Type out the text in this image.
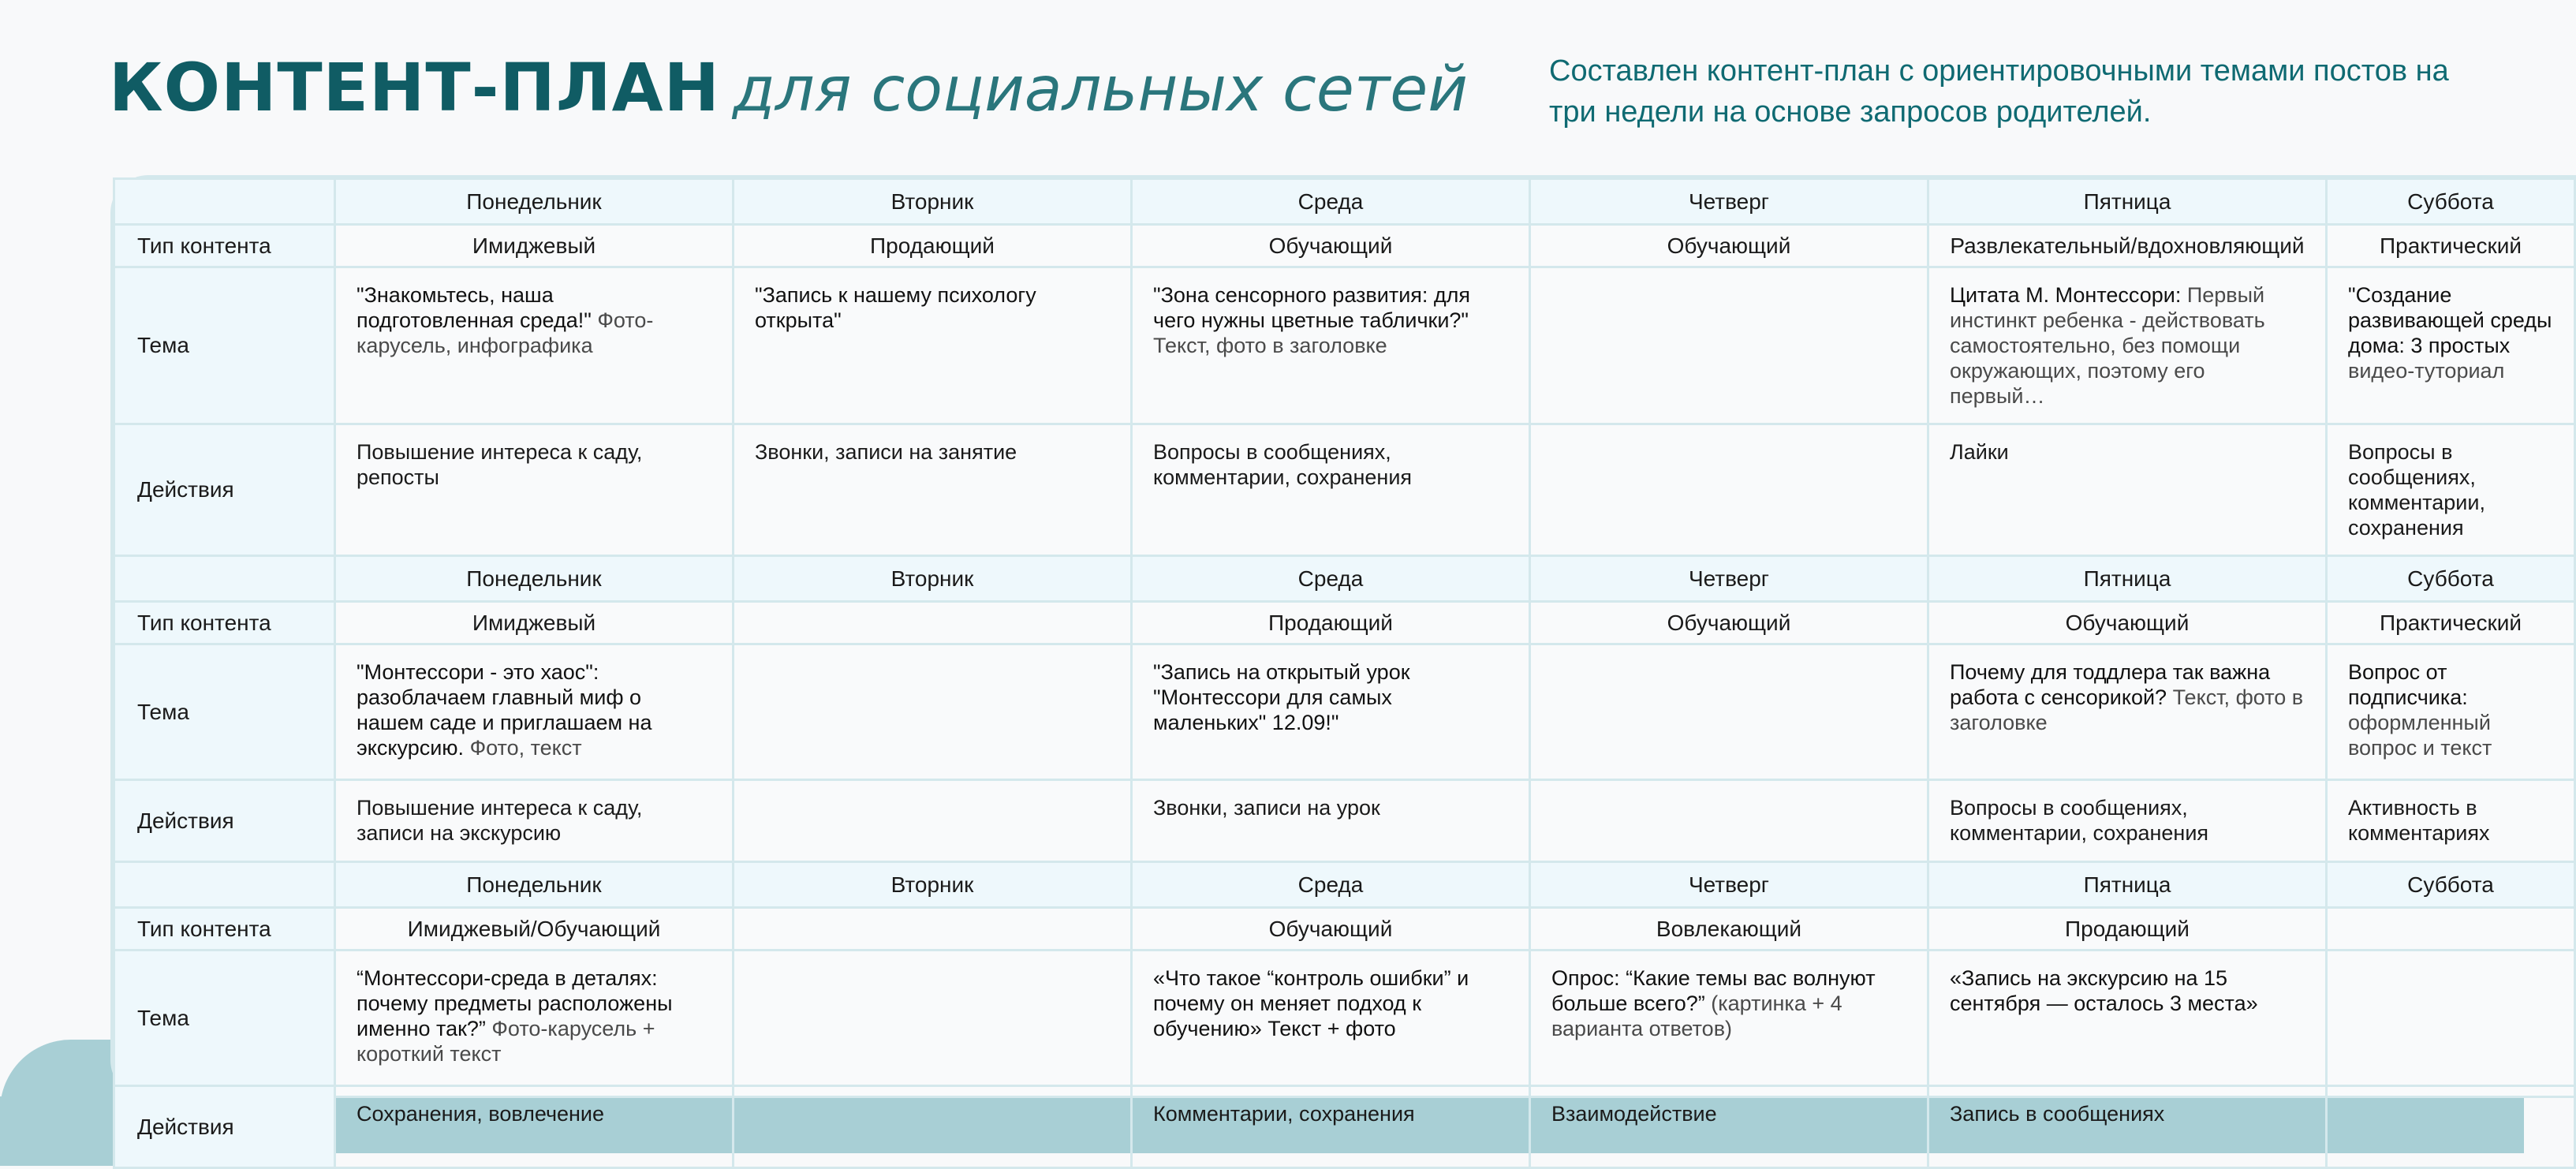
КОНТЕНТ-ПЛАН для социальных сетей	Составлен контент-план с ориентировочными темами постов на три недели на основе запросов родителей.
	Понедельник	Вторник	Среда	Четверг	Пятница	Суббота
Тип контента	Имиджевый	Продающий	Обучающий	Обучающий	Развлекательный/вдохновляющий	Практический
Тема	"Знакомьтесь, наша подготовленная среда!" Фото-карусель, инфографика	"Запись к нашему психологу открыта"	"Зона сенсорного развития: для чего нужны цветные таблички?" Текст, фото в заголовке		Цитата М. Монтессори: Первый инстинкт ребенка - действовать самостоятельно, без помощи окружающих, поэтому его первый…	"Создание развивающей среды дома: 3 простых видео-туториал
Действия	Повышение интереса к саду, репосты	Звонки, записи на занятие	Вопросы в сообщениях, комментарии, сохранения		Лайки	Вопросы в сообщениях, комментарии, сохранения
	Понедельник	Вторник	Среда	Четверг	Пятница	Суббота
Тип контента	Имиджевый		Продающий	Обучающий	Обучающий	Практический
Тема	"Монтессори - это хаос": разоблачаем главный миф о нашем саде и приглашаем на экскурсию. Фото, текст		"Запись на открытый урок "Монтессори для самых маленьких" 12.09!"		Почему для тоддлера так важна работа с сенсорикой? Текст, фото в заголовке	Вопрос от подписчика: оформленный вопрос и текст
Действия	Повышение интереса к саду, записи на экскурсию		Звонки, записи на урок		Вопросы в сообщениях, комментарии, сохранения	Активность в комментариях
	Понедельник	Вторник	Среда	Четверг	Пятница	Суббота
Тип контента	Имиджевый/Обучающий		Обучающий	Вовлекающий	Продающий	
Тема	“Монтессори-среда в деталях: почему предметы расположены именно так?” Фото-карусель + короткий текст		«Что такое “контроль ошибки” и почему он меняет подход к обучению» Текст + фото	Опрос: “Какие темы вас волнуют больше всего?” (картинка + 4 варианта ответов)	«Запись на экскурсию на 15 сентября — осталось 3 места»	
Действия	Сохранения, вовлечение		Комментарии, сохранения	Взаимодействие	Запись в сообщениях	
